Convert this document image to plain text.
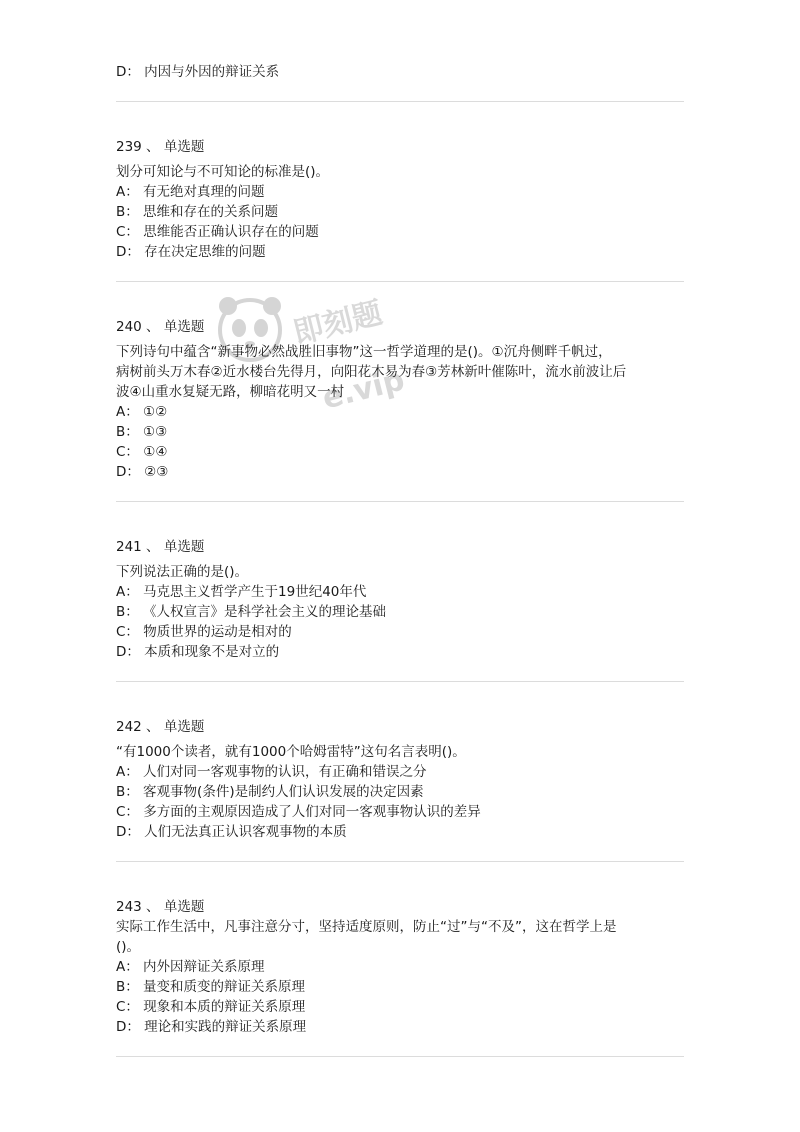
D： 内因与外因的辩证关系
239 、 单选题
划分可知论与不可知论的标准是()。
A： 有无绝对真理的问题
B： 思维和存在的关系问题
C： 思维能否正确认识存在的问题
D： 存在决定思维的问题
240 、 单选题
下列诗句中蕴含“新事物必然战胜旧事物”这一哲学道理的是()。①沉舟侧畔千帆过，
病树前头万木春②近水楼台先得月，向阳花木易为春③芳林新叶催陈叶，流水前波让后
波④山重水复疑无路，柳暗花明又一村
A： ①②
B： ①③
C： ①④
D： ②③
241 、 单选题
下列说法正确的是()。
A： 马克思主义哲学产生于19世纪40年代
B： 《人权宣言》是科学社会主义的理论基础
C： 物质世界的运动是相对的
D： 本质和现象不是对立的
242 、 单选题
“有1000个读者，就有1000个哈姆雷特”这句名言表明()。
A： 人们对同一客观事物的认识，有正确和错误之分
B： 客观事物(条件)是制约人们认识发展的决定因素
C： 多方面的主观原因造成了人们对同一客观事物认识的差异
D： 人们无法真正认识客观事物的本质
243 、 单选题
实际工作生活中，凡事注意分寸，坚持适度原则，防止“过”与“不及”，这在哲学上是
()。
A： 内外因辩证关系原理
B： 量变和质变的辩证关系原理
C： 现象和本质的辩证关系原理
D： 理论和实践的辩证关系原理
即刻题
e.vip
